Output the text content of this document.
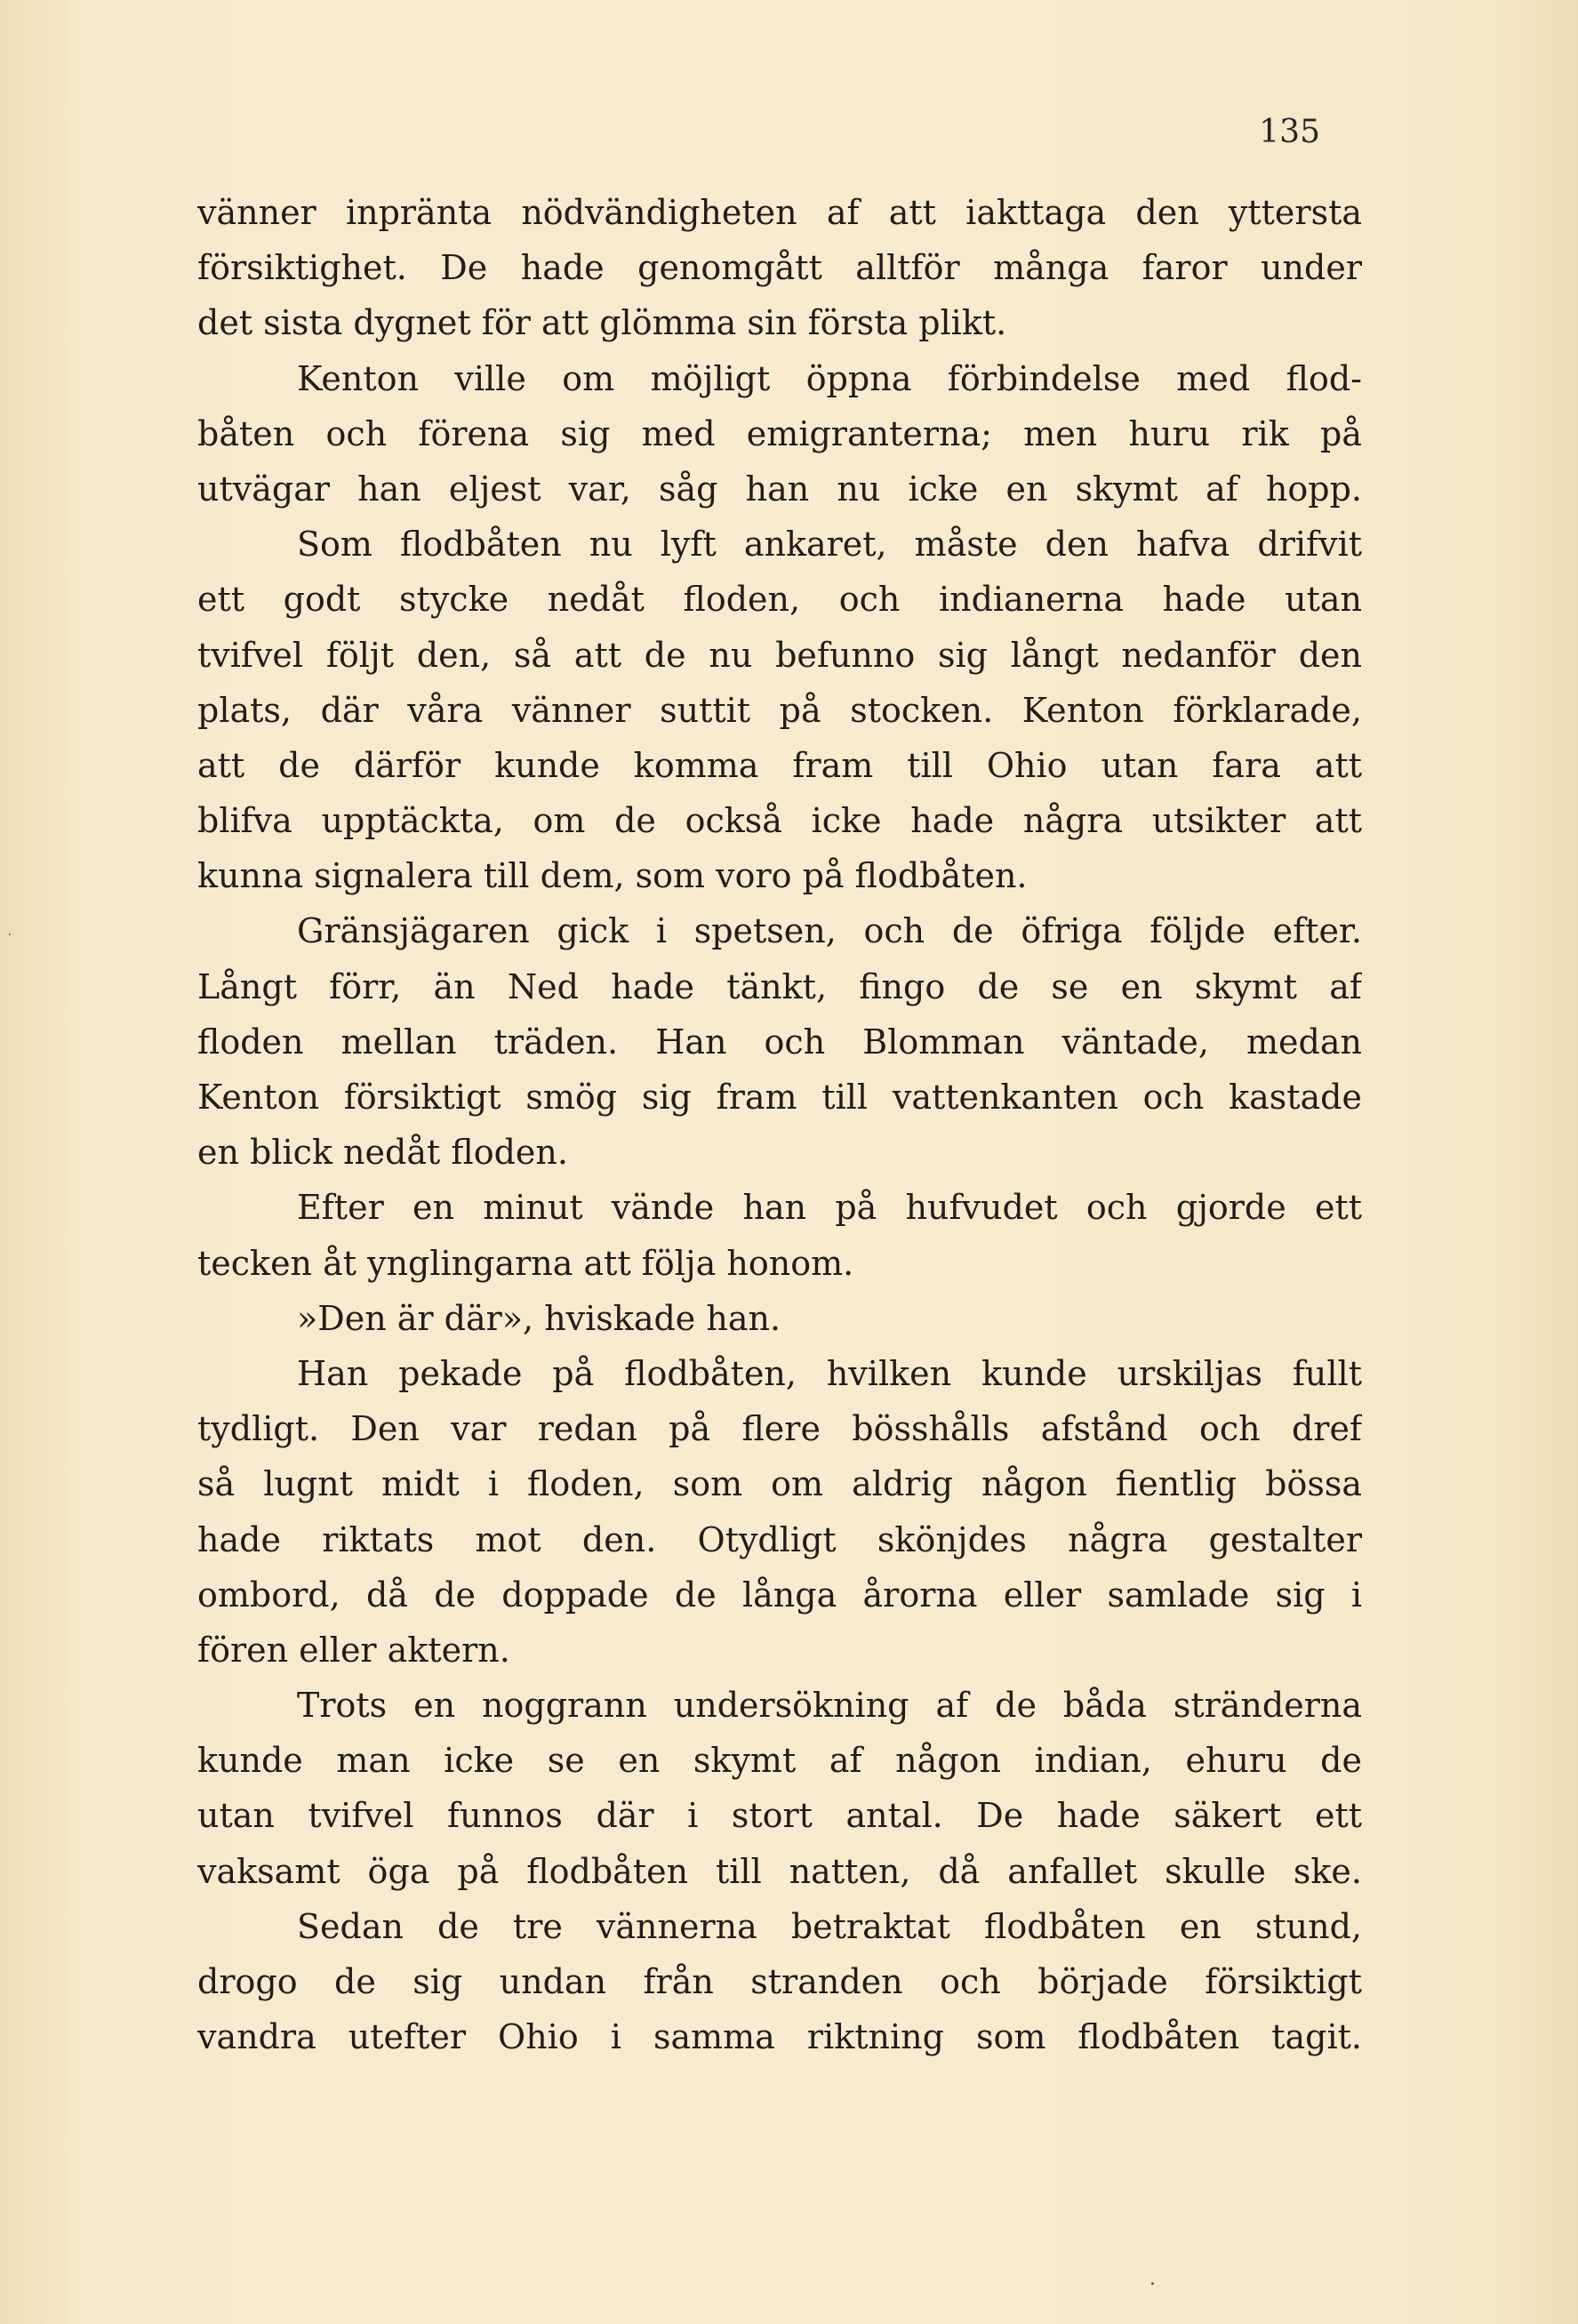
135
vänner inpränta nödvändigheten af att iakttaga den yttersta
försiktighet. De hade genomgått alltför många faror under
det sista dygnet för att glömma sin första plikt.
Kenton ville om möjligt öppna förbindelse med flod-
båten och förena sig med emigranterna; men huru rik på
utvägar han eljest var, såg han nu icke en skymt af hopp.
Som flodbåten nu lyft ankaret, måste den hafva drifvit
ett godt stycke nedåt floden, och indianerna hade utan
tvifvel följt den, så att de nu befunno sig långt nedanför den
plats, där våra vänner suttit på stocken. Kenton förklarade,
att de därför kunde komma fram till Ohio utan fara att
blifva upptäckta, om de också icke hade några utsikter att
kunna signalera till dem, som voro på flodbåten.
Gränsjägaren gick i spetsen, och de öfriga följde efter.
Långt förr, än Ned hade tänkt, fingo de se en skymt af
floden mellan träden. Han och Blomman väntade, medan
Kenton försiktigt smög sig fram till vattenkanten och kastade
en blick nedåt floden.
Efter en minut vände han på hufvudet och gjorde ett
tecken åt ynglingarna att följa honom.
»Den är där», hviskade han.
Han pekade på flodbåten, hvilken kunde urskiljas fullt
tydligt. Den var redan på flere bösshålls afstånd och dref
så lugnt midt i floden, som om aldrig någon fientlig bössa
hade riktats mot den. Otydligt skönjdes några gestalter
ombord, då de doppade de långa årorna eller samlade sig i
fören eller aktern.
Trots en noggrann undersökning af de båda stränderna
kunde man icke se en skymt af någon indian, ehuru de
utan tvifvel funnos där i stort antal. De hade säkert ett
vaksamt öga på flodbåten till natten, då anfallet skulle ske.
Sedan de tre vännerna betraktat flodbåten en stund,
drogo de sig undan från stranden och började försiktigt
vandra utefter Ohio i samma riktning som flodbåten tagit.
